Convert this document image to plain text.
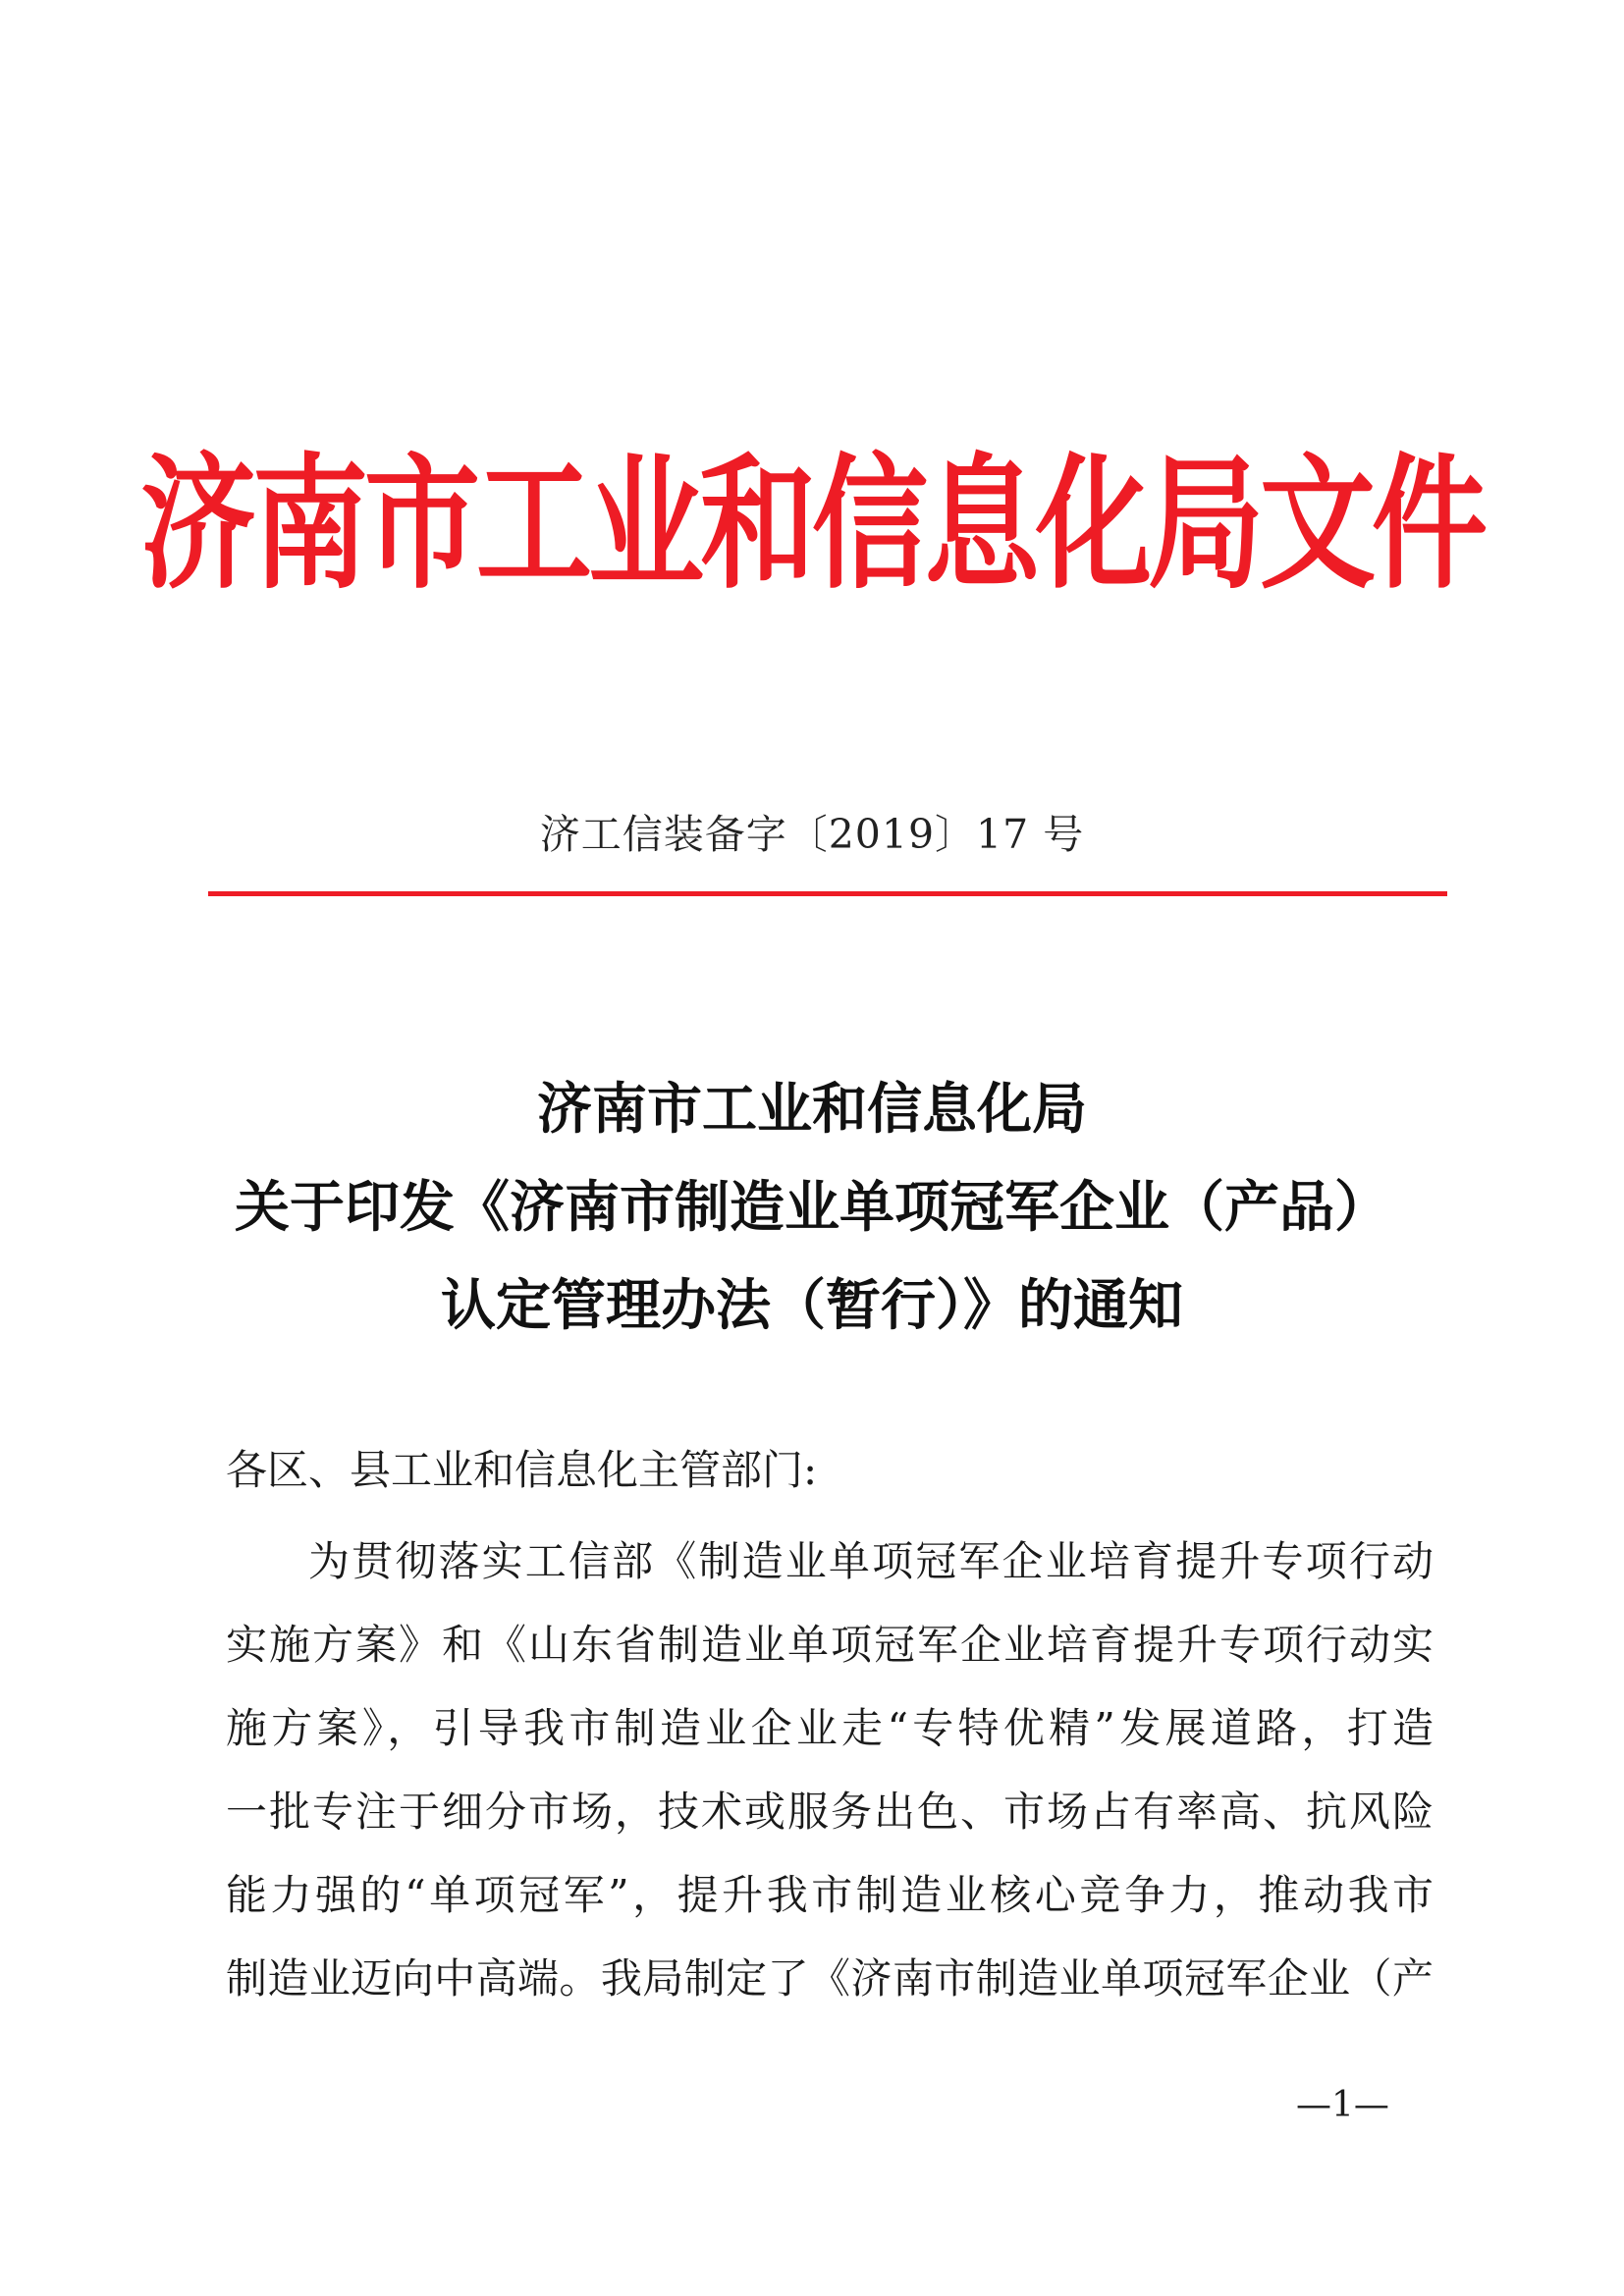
济南市工业和信息化局文件
济工信装备字〔2019〕17 号
济南市工业和信息化局
关于印发《济南市制造业单项冠军企业（产品）
认定管理办法（暂行）》的通知
各区、县工业和信息化主管部门:
为贯彻落实工信部《制造业单项冠军企业培育提升专项行动
实施方案》和《山东省制造业单项冠军企业培育提升专项行动实
施方案》，引导我市制造业企业走“专特优精”发展道路，打造
一批专注于细分市场，技术或服务出色、市场占有率高、抗风险
能力强的“单项冠军”，提升我市制造业核心竞争力，推动我市
制造业迈向中高端。我局制定了《济南市制造业单项冠军企业（产
—1—
